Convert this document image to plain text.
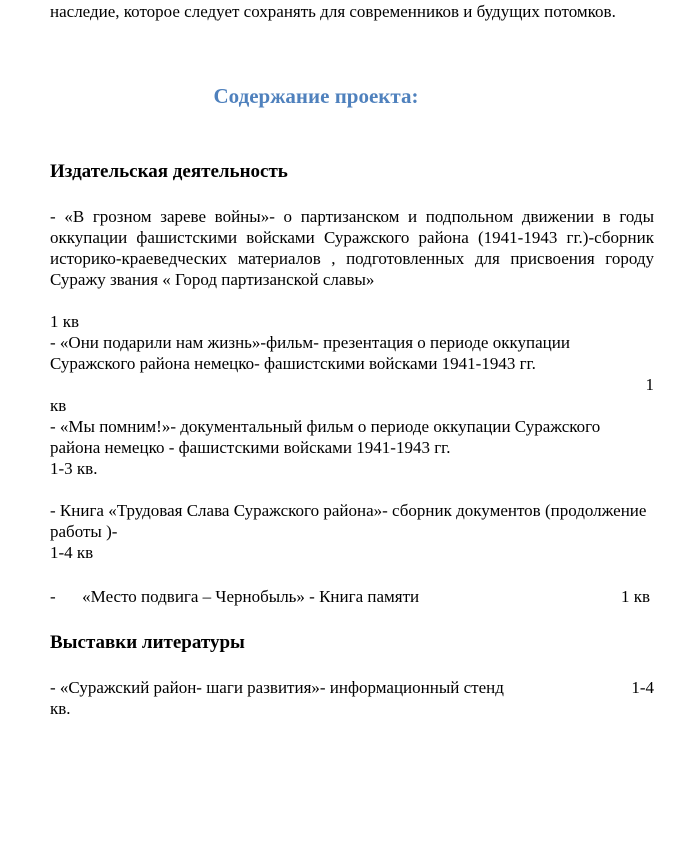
наследие, которое следует сохранять для современников и будущих потомков.
Содержание проекта:
Издательская деятельность
- «В грозном зареве войны»- о партизанском и подпольном движении в годы оккупации фашистскими войсками Суражского района (1941-1943 гг.)-сборник историко-краеведческих материалов , подготовленных для присвоения городу Суражу звания « Город партизанской славы»
1 кв
- «Они подарили нам жизнь»-фильм- презентация о периоде оккупации Суражского района немецко- фашистскими войсками 1941-1943 гг.
1
кв
- «Мы помним!»- документальный фильм о периоде оккупации Суражского района немецко - фашистскими войсками 1941-1943 гг.
1-3 кв.
- Книга «Трудовая Слава Суражского района»- сборник документов (продолжение работы )-
1-4 кв
- «Место подвига – Чернобыль» - Книга памяти	1 кв
Выставки литературы
- «Суражский район- шаги развития»- информационный стенд	1-4
кв.
